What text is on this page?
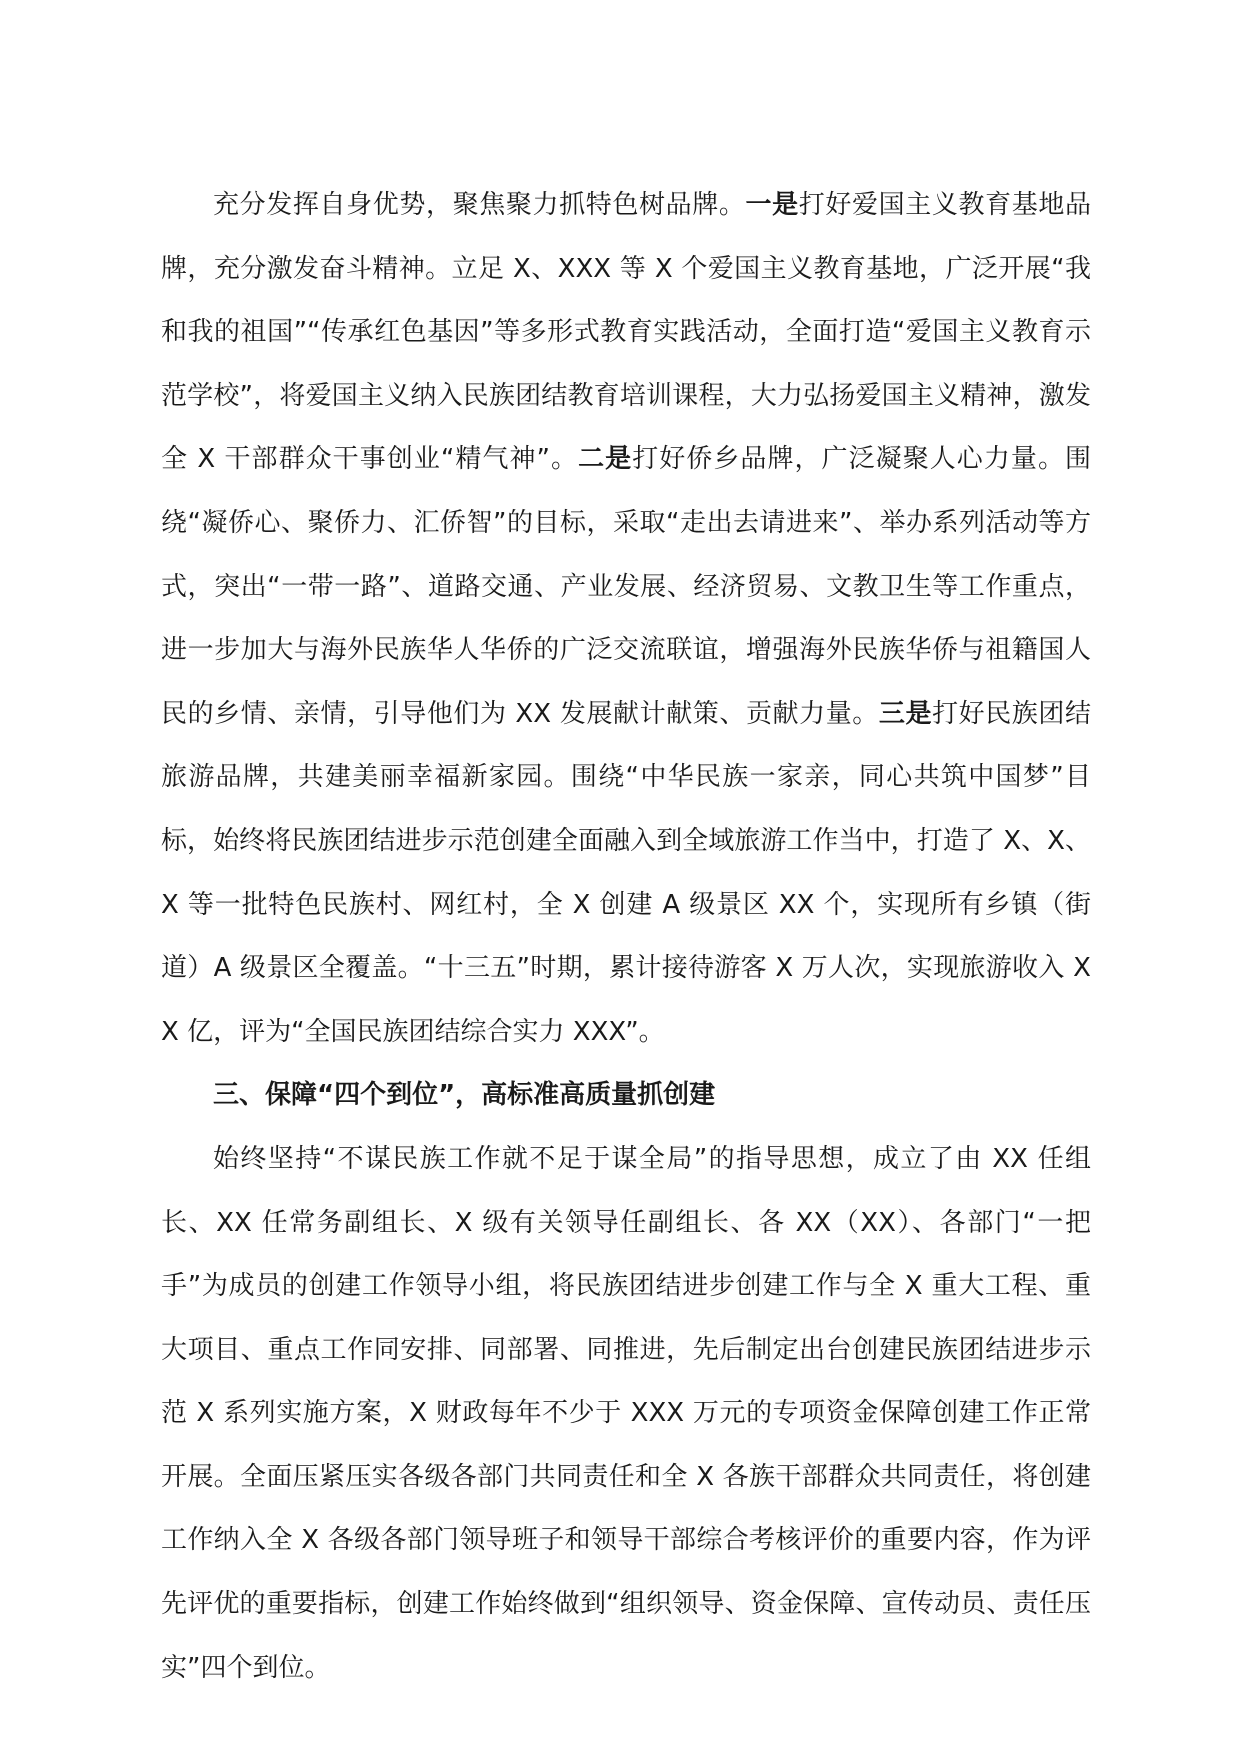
充分发挥自身优势，聚焦聚力抓特色树品牌。一是打好爱国主义教育基地品牌，充分激发奋斗精神。立足 X、XXX 等 X 个爱国主义教育基地，广泛开展“我和我的祖国”“传承红色基因”等多形式教育实践活动，全面打造“爱国主义教育示范学校”，将爱国主义纳入民族团结教育培训课程，大力弘扬爱国主义精神，激发全 X 干部群众干事创业“精气神”。二是打好侨乡品牌，广泛凝聚人心力量。围绕“凝侨心、聚侨力、汇侨智”的目标，采取“走出去请进来”、举办系列活动等方式，突出“一带一路”、道路交通、产业发展、经济贸易、文教卫生等工作重点，进一步加大与海外民族华人华侨的广泛交流联谊，增强海外民族华侨与祖籍国人民的乡情、亲情，引导他们为 XX 发展献计献策、贡献力量。三是打好民族团结旅游品牌，共建美丽幸福新家园。围绕“中华民族一家亲，同心共筑中国梦”目标，始终将民族团结进步示范创建全面融入到全域旅游工作当中，打造了 X、X、X 等一批特色民族村、网红村，全 X 创建 A 级景区 XX 个，实现所有乡镇（街道）A 级景区全覆盖。“十三五”时期，累计接待游客 X 万人次，实现旅游收入 XX 亿，评为“全国民族团结综合实力 XXX”。

三、保障“四个到位”，高标准高质量抓创建

始终坚持“不谋民族工作就不足于谋全局”的指导思想，成立了由 XX 任组长、XX 任常务副组长、X 级有关领导任副组长、各 XX（XX）、各部门“一把手”为成员的创建工作领导小组，将民族团结进步创建工作与全 X 重大工程、重大项目、重点工作同安排、同部署、同推进，先后制定出台创建民族团结进步示范 X 系列实施方案，X 财政每年不少于 XXX 万元的专项资金保障创建工作正常开展。全面压紧压实各级各部门共同责任和全 X 各族干部群众共同责任，将创建工作纳入全 X 各级各部门领导班子和领导干部综合考核评价的重要内容，作为评先评优的重要指标，创建工作始终做到“组织领导、资金保障、宣传动员、责任压实”四个到位。
